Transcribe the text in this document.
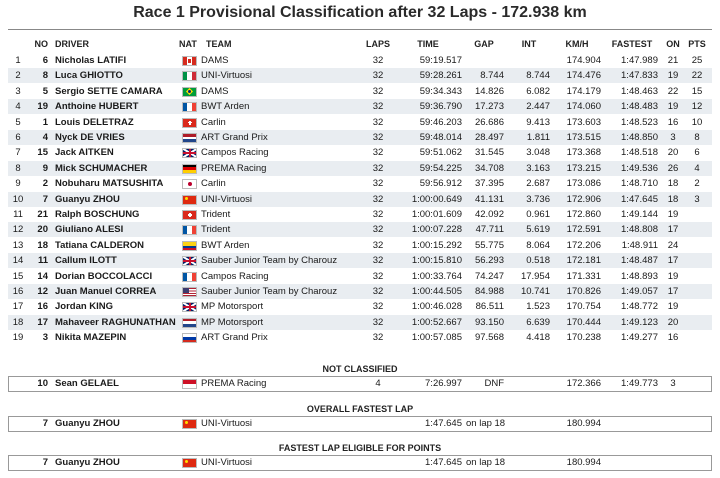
Race 1 Provisional Classification after 32 Laps - 172.938 km
NO DRIVER	NAT TEAM	LAPS	TIME	GAP	INT	KM/H	FASTEST	ON PTS
1	6 Nicholas LATIFI	DAMS	32	59:19.517	174.904	1:47.989	21	25
2	8 Luca GHIOTTO	UNI-Virtuosi	32	59:28.261	8.744	8.744	174.476	1:47.833	19	22
3	5 Sergio SETTE CAMARA	DAMS	32	59:34.343	14.826	6.082	174.179	1:48.463	22	15
4	19 Anthoine HUBERT	BWT Arden	32	59:36.790	17.273	2.447	174.060	1:48.483	19	12
5	1 Louis DELETRAZ	Carlin	32	59:46.203	26.686	9.413	173.603	1:48.523	16	10
6	4 Nyck DE VRIES	ART Grand Prix	32	59:48.014	28.497	1.811	173.515	1:48.850	3	8
7	15 Jack AITKEN	Campos Racing	32	59:51.062	31.545	3.048	173.368	1:48.518	20	6
8	9 Mick SCHUMACHER	PREMA Racing	32	59:54.225	34.708	3.163	173.215	1:49.536	26	4
9	2 Nobuharu MATSUSHITA	Carlin	32	59:56.912	37.395	2.687	173.086	1:48.710	18	2
10	7 Guanyu ZHOU	UNI-Virtuosi	32	1:00:00.649	41.131	3.736	172.906	1:47.645	18	3
11	21 Ralph BOSCHUNG	Trident	32	1:00:01.609	42.092	0.961	172.860	1:49.144	19
12	20 Giuliano ALESI	Trident	32	1:00:07.228	47.711	5.619	172.591	1:48.808	17
13	18 Tatiana CALDERON	BWT Arden	32	1:00:15.292	55.775	8.064	172.206	1:48.911	24
14	11 Callum ILOTT	Sauber Junior Team by Charouz	32	1:00:15.810	56.293	0.518	172.181	1:48.487	17
15	14 Dorian BOCCOLACCI	Campos Racing	32	1:00:33.764	74.247	17.954	171.331	1:48.893	19
16	12 Juan Manuel CORREA	Sauber Junior Team by Charouz	32	1:00:44.505	84.988	10.741	170.826	1:49.057	17
17	16 Jordan KING	MP Motorsport	32	1:00:46.028	86.511	1.523	170.754	1:48.772	19
18	17 Mahaveer RAGHUNATHAN	MP Motorsport	32	1:00:52.667	93.150	6.639	170.444	1:49.123	20
19	3 Nikita MAZEPIN	ART Grand Prix	32	1:00:57.085	97.568	4.418	170.238	1:49.277	16
NOT CLASSIFIED
10 Sean GELAEL	PREMA Racing	4	7:26.997	DNF	172.366	1:49.773	3
OVERALL FASTEST LAP
7 Guanyu ZHOU	UNI-Virtuosi	1:47.645 on lap 18	180.994
FASTEST LAP ELIGIBLE FOR POINTS
7 Guanyu ZHOU	UNI-Virtuosi	1:47.645 on lap 18	180.994
